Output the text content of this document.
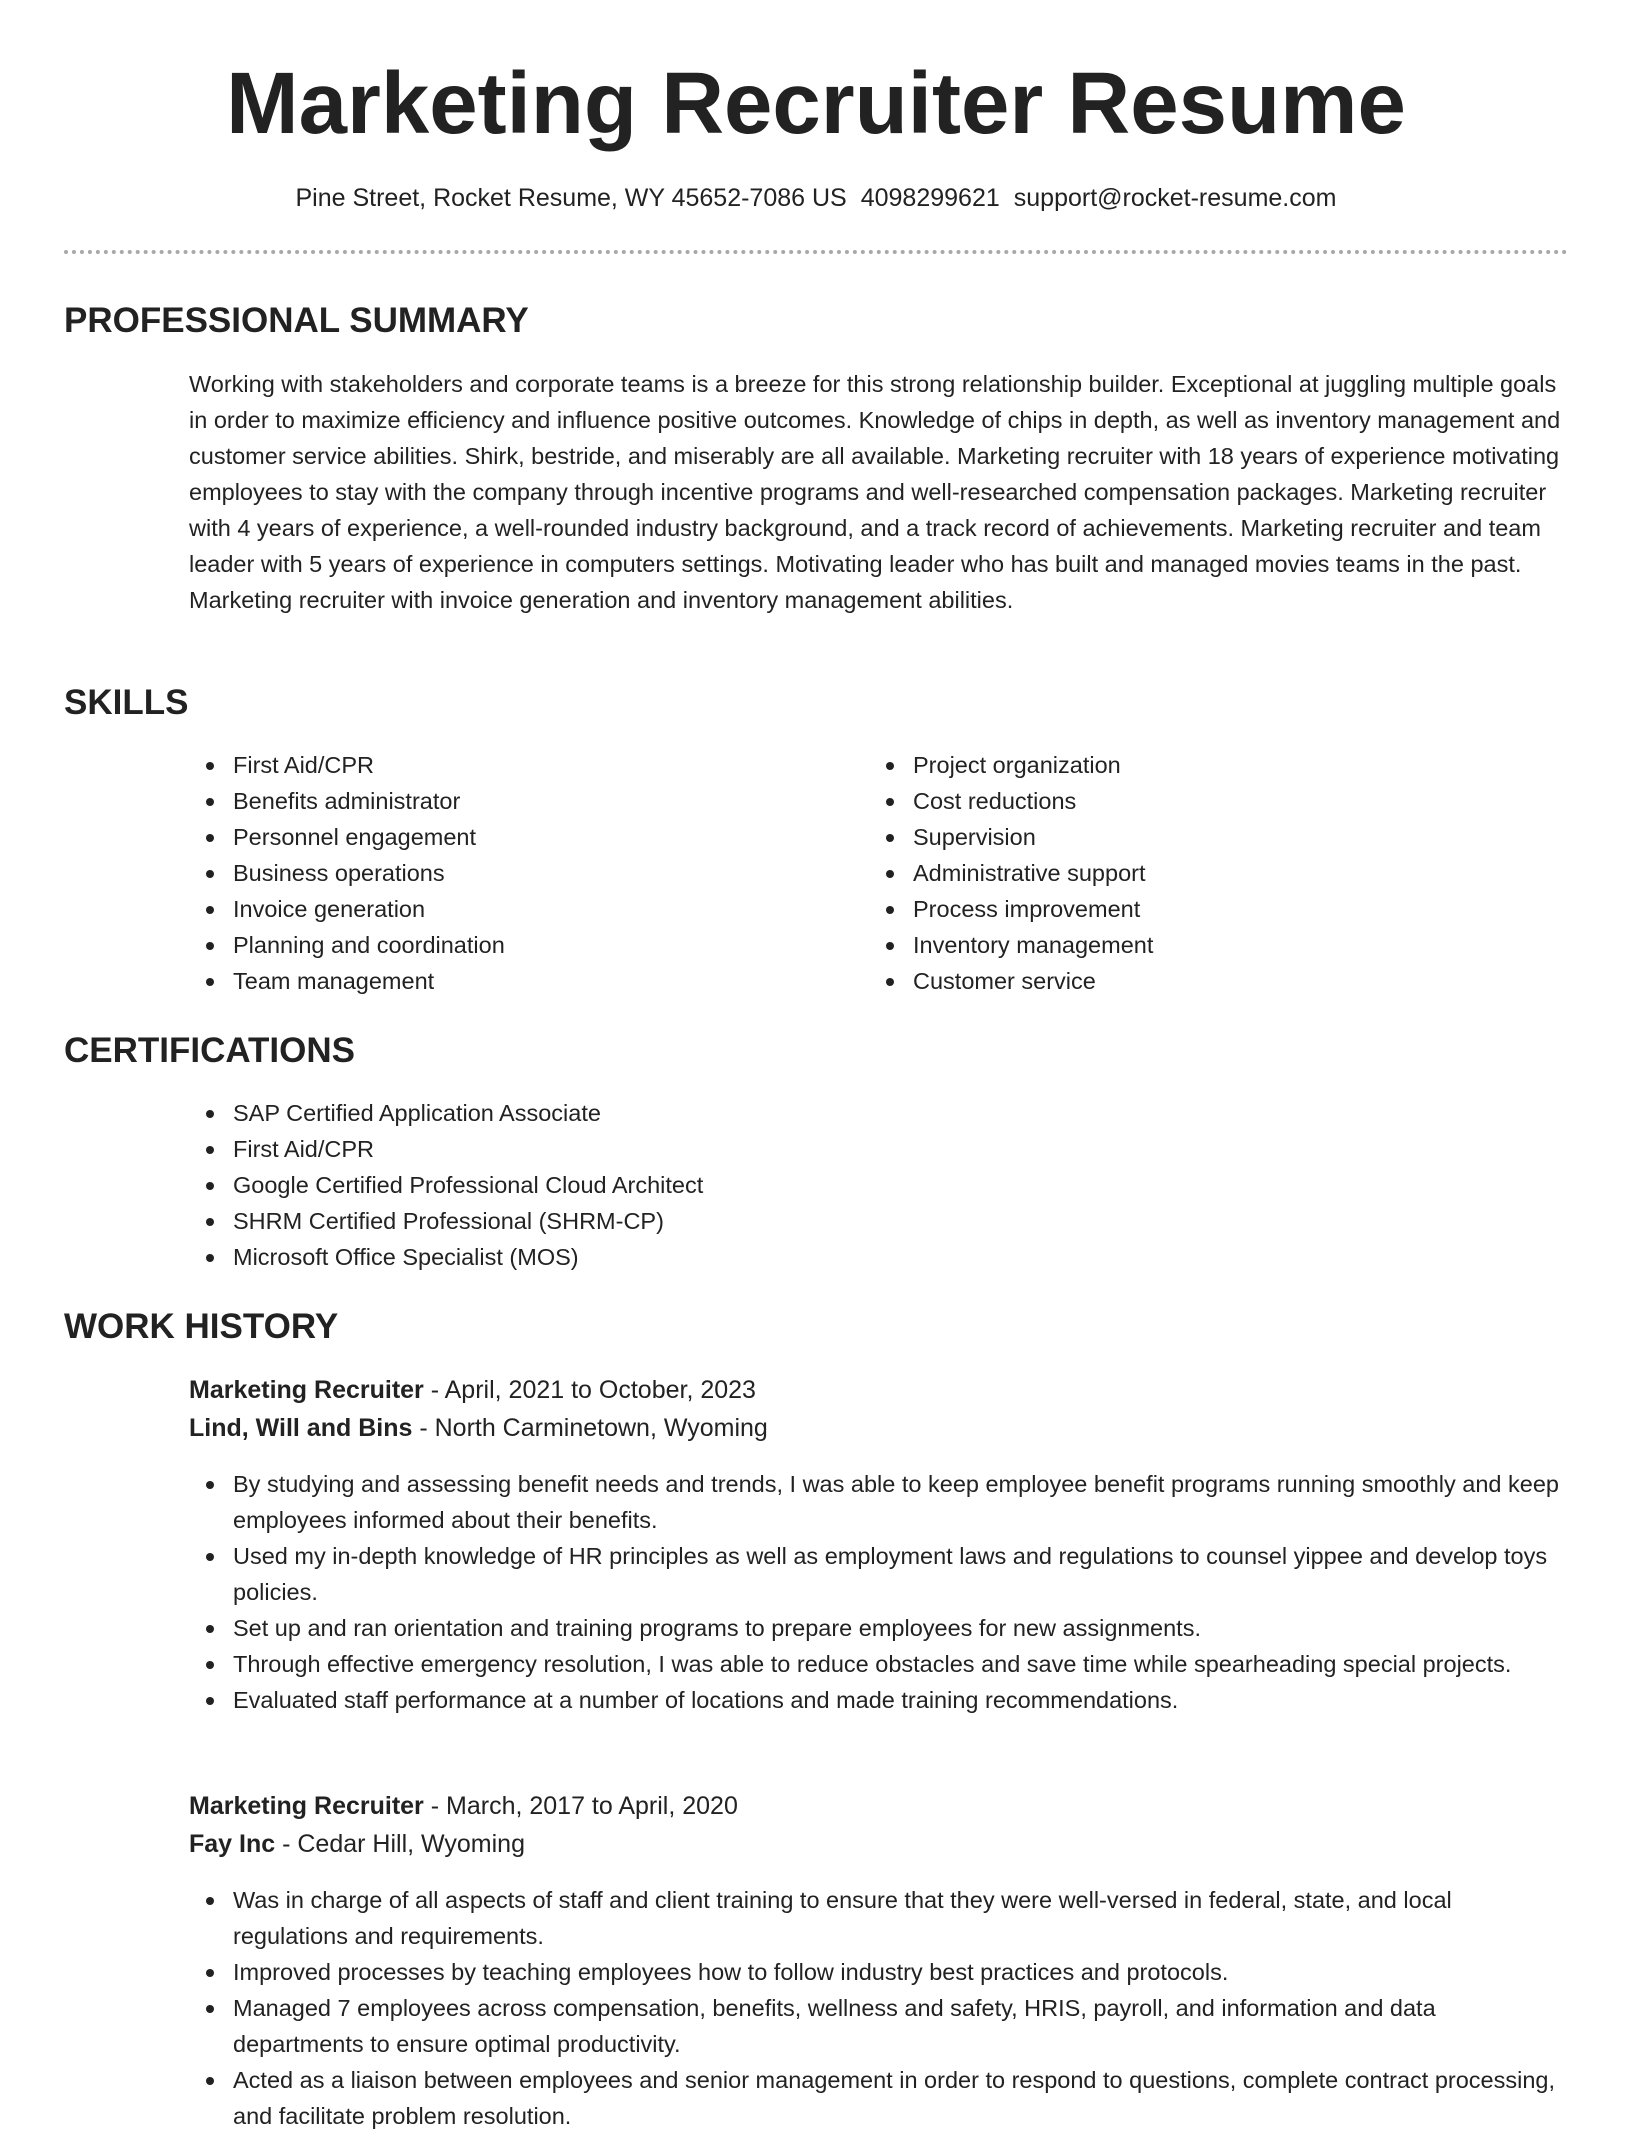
Marketing Recruiter Resume
Pine Street, Rocket Resume, WY 45652-7086 US 4098299621 support@rocket-resume.com
PROFESSIONAL SUMMARY

Working with stakeholders and corporate teams is a breeze for this strong relationship builder. Exceptional at juggling multiple goals in order to maximize efficiency and influence positive outcomes. Knowledge of chips in depth, as well as inventory management and customer service abilities. Shirk, bestride, and miserably are all available. Marketing recruiter with 18 years of experience motivating employees to stay with the company through incentive programs and well-researched compensation packages. Marketing recruiter with 4 years of experience, a well-rounded industry background, and a track record of achievements. Marketing recruiter and team leader with 5 years of experience in computers settings. Motivating leader who has built and managed movies teams in the past. Marketing recruiter with invoice generation and inventory management abilities.

SKILLS
First Aid/CPR
Benefits administrator
Personnel engagement
Business operations
Invoice generation
Planning and coordination
Team management
Project organization
Cost reductions
Supervision
Administrative support
Process improvement
Inventory management
Customer service
CERTIFICATIONS
SAP Certified Application Associate
First Aid/CPR
Google Certified Professional Cloud Architect
SHRM Certified Professional (SHRM-CP)
Microsoft Office Specialist (MOS)
WORK HISTORY
Marketing Recruiter - April, 2021 to October, 2023
Lind, Will and Bins - North Carminetown, Wyoming
By studying and assessing benefit needs and trends, I was able to keep employee benefit programs running smoothly and keep employees informed about their benefits.
Used my in-depth knowledge of HR principles as well as employment laws and regulations to counsel yippee and develop toys policies.
Set up and ran orientation and training programs to prepare employees for new assignments.
Through effective emergency resolution, I was able to reduce obstacles and save time while spearheading special projects.
Evaluated staff performance at a number of locations and made training recommendations.
Marketing Recruiter - March, 2017 to April, 2020
Fay Inc - Cedar Hill, Wyoming
Was in charge of all aspects of staff and client training to ensure that they were well-versed in federal, state, and local regulations and requirements.
Improved processes by teaching employees how to follow industry best practices and protocols.
Managed 7 employees across compensation, benefits, wellness and safety, HRIS, payroll, and information and data departments to ensure optimal productivity.
Acted as a liaison between employees and senior management in order to respond to questions, complete contract processing, and facilitate problem resolution.
